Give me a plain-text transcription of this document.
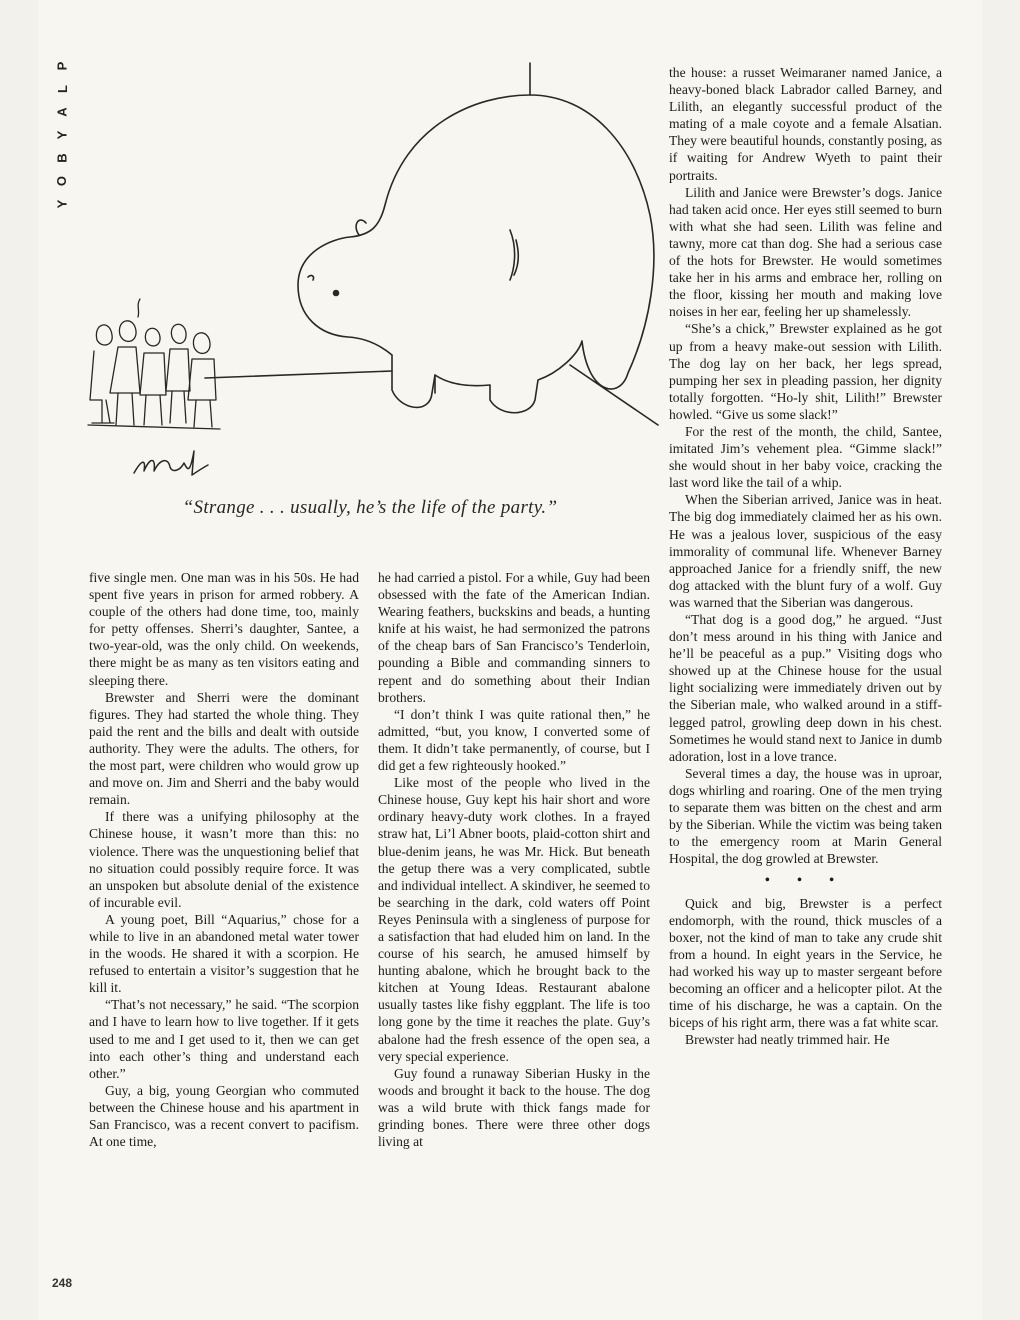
P
L
A
Y
B
O
Y
“Strange . . . usually, he’s the life of the party.”

five single men. One man was in his 50s. He had spent five years in prison for armed robbery. A couple of the others had done time, too, mainly for petty offenses. Sherri’s daughter, Santee, a two-year-old, was the only child. On weekends, there might be as many as ten visitors eating and sleeping there.

Brewster and Sherri were the dominant figures. They had started the whole thing. They paid the rent and the bills and dealt with outside authority. They were the adults. The others, for the most part, were children who would grow up and move on. Jim and Sherri and the baby would remain.

If there was a unifying philosophy at the Chinese house, it wasn’t more than this: no violence. There was the unquestioning belief that no situation could possibly require force. It was an unspoken but absolute denial of the existence of incurable evil.

A young poet, Bill “Aquarius,” chose for a while to live in an abandoned metal water tower in the woods. He shared it with a scorpion. He refused to entertain a visitor’s suggestion that he kill it.

“That’s not necessary,” he said. “The scorpion and I have to learn how to live together. If it gets used to me and I get used to it, then we can get into each other’s thing and understand each other.”

Guy, a big, young Georgian who commuted between the Chinese house and his apartment in San Francisco, was a recent convert to pacifism. At one time,

he had carried a pistol. For a while, Guy had been obsessed with the fate of the American Indian. Wearing feathers, buckskins and beads, a hunting knife at his waist, he had sermonized the patrons of the cheap bars of San Francisco’s Tenderloin, pounding a Bible and commanding sinners to repent and do something about their Indian brothers.

“I don’t think I was quite rational then,” he admitted, “but, you know, I converted some of them. It didn’t take permanently, of course, but I did get a few righteously hooked.”

Like most of the people who lived in the Chinese house, Guy kept his hair short and wore ordinary heavy-duty work clothes. In a frayed straw hat, Li’l Abner boots, plaid-cotton shirt and blue-denim jeans, he was Mr. Hick. But beneath the getup there was a very complicated, subtle and individual intellect. A skindiver, he seemed to be searching in the dark, cold waters off Point Reyes Peninsula with a singleness of purpose for a satisfaction that had eluded him on land. In the course of his search, he amused himself by hunting abalone, which he brought back to the kitchen at Young Ideas. Restaurant abalone usually tastes like fishy eggplant. The life is too long gone by the time it reaches the plate. Guy’s abalone had the fresh essence of the open sea, a very special experience.

Guy found a runaway Siberian Husky in the woods and brought it back to the house. The dog was a wild brute with thick fangs made for grinding bones. There were three other dogs living at

the house: a russet Weimaraner named Janice, a heavy-boned black Labrador called Barney, and Lilith, an elegantly successful product of the mating of a male coyote and a female Alsatian. They were beautiful hounds, constantly posing, as if waiting for Andrew Wyeth to paint their portraits.

Lilith and Janice were Brewster’s dogs. Janice had taken acid once. Her eyes still seemed to burn with what she had seen. Lilith was feline and tawny, more cat than dog. She had a serious case of the hots for Brewster. He would sometimes take her in his arms and embrace her, rolling on the floor, kissing her mouth and making love noises in her ear, feeling her up shamelessly.

“She’s a chick,” Brewster explained as he got up from a heavy make-out session with Lilith. The dog lay on her back, her legs spread, pumping her sex in pleading passion, her dignity totally forgotten. “Ho-ly shit, Lilith!” Brewster howled. “Give us some slack!”

For the rest of the month, the child, Santee, imitated Jim’s vehement plea. “Gimme slack!” she would shout in her baby voice, cracking the last word like the tail of a whip.

When the Siberian arrived, Janice was in heat. The big dog immediately claimed her as his own. He was a jealous lover, suspicious of the easy immorality of communal life. Whenever Barney approached Janice for a friendly sniff, the new dog attacked with the blunt fury of a wolf. Guy was warned that the Siberian was dangerous.

“That dog is a good dog,” he argued. “Just don’t mess around in his thing with Janice and he’ll be peaceful as a pup.” Visiting dogs who showed up at the Chinese house for the usual light socializing were immediately driven out by the Siberian male, who walked around in a stiff-legged patrol, growling deep down in his chest. Sometimes he would stand next to Janice in dumb adoration, lost in a love trance.

Several times a day, the house was in uproar, dogs whirling and roaring. One of the men trying to separate them was bitten on the chest and arm by the Siberian. While the victim was being taken to the emergency room at Marin General Hospital, the dog growled at Brewster.

• • •

Quick and big, Brewster is a perfect endomorph, with the round, thick muscles of a boxer, not the kind of man to take any crude shit from a hound. In eight years in the Service, he had worked his way up to master sergeant before becoming an officer and a helicopter pilot. At the time of his discharge, he was a captain. On the biceps of his right arm, there was a fat white scar.

Brewster had neatly trimmed hair. He

248
